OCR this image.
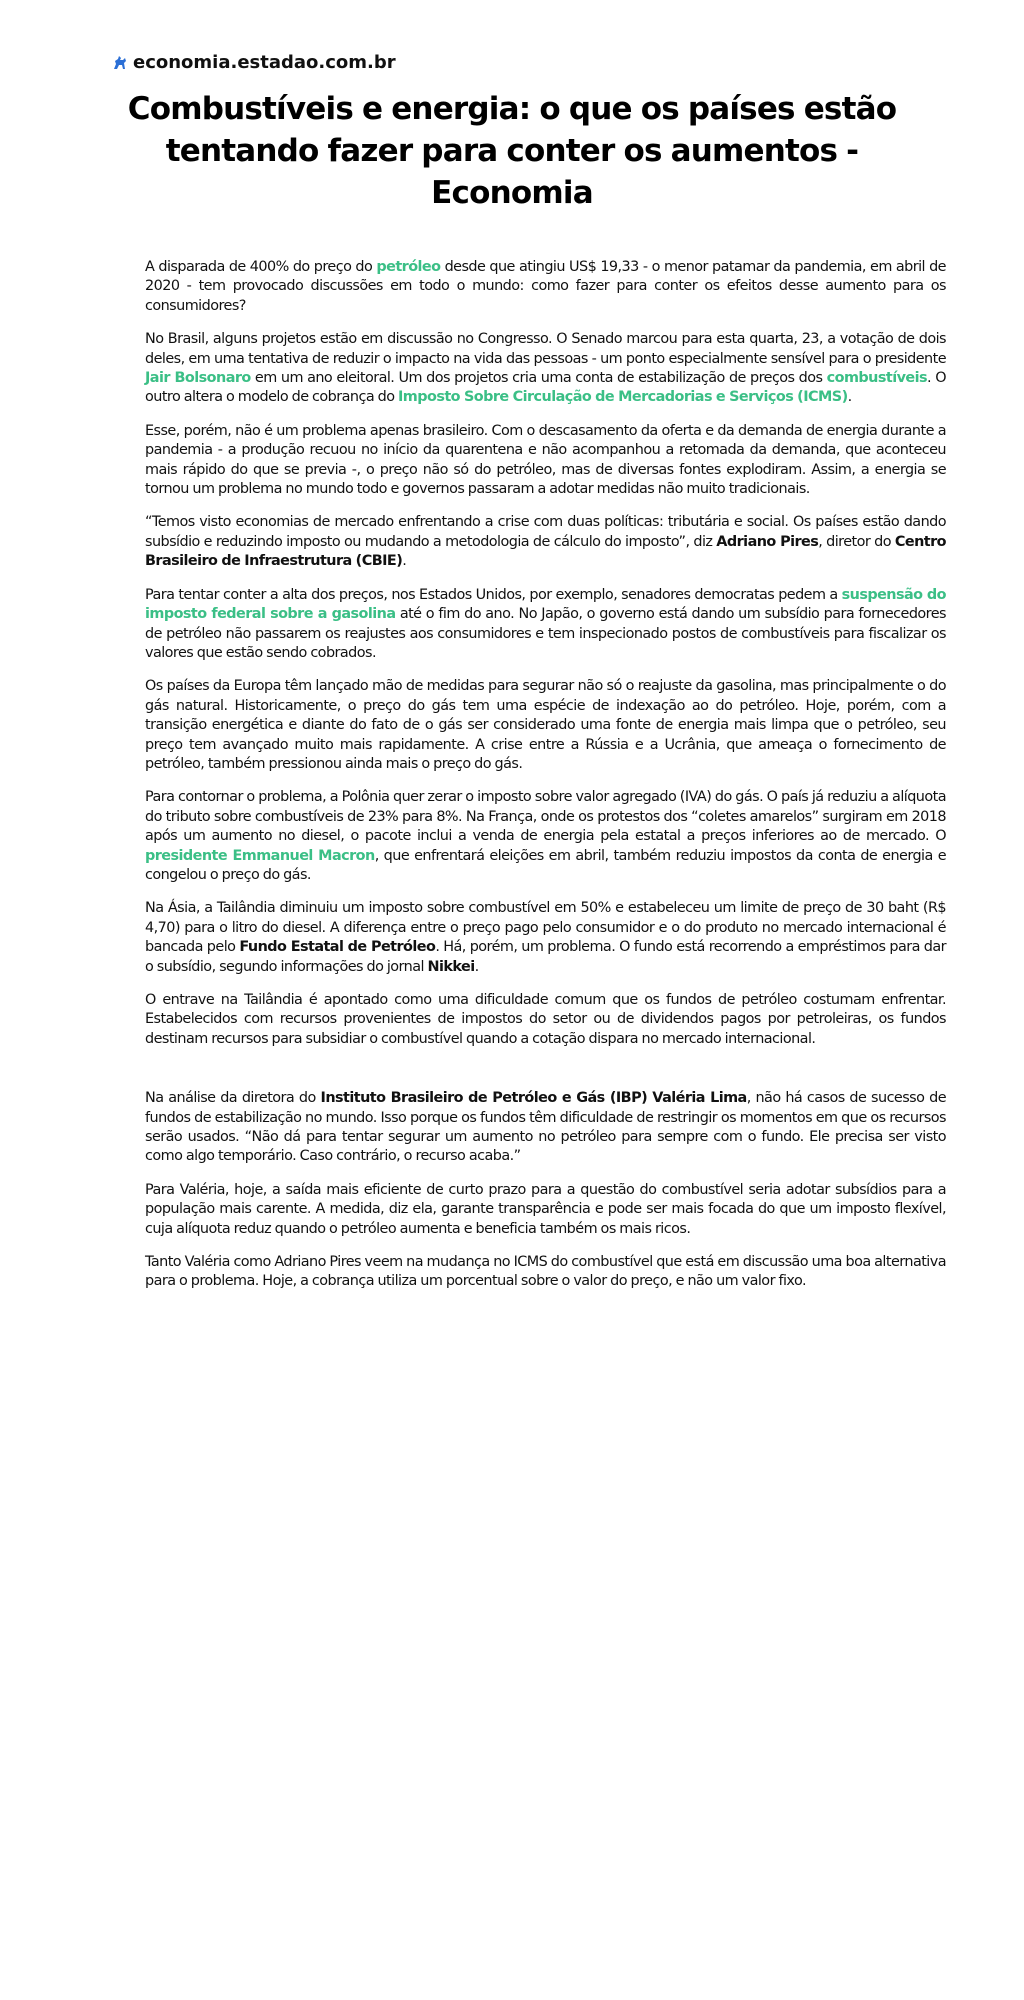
economia.estadao.com.br
Combustíveis e energia: o que os países estão tentando fazer para conter os aumentos - Economia

A disparada de 400% do preço do petróleo desde que atingiu US$ 19,33 - o menor patamar da pandemia, em abril de 2020 - tem provocado discussões em todo o mundo: como fazer para conter os efeitos desse aumento para os consumidores?

No Brasil, alguns projetos estão em discussão no Congresso. O Senado marcou para esta quarta, 23, a votação de dois deles, em uma tentativa de reduzir o impacto na vida das pessoas - um ponto especialmente sensível para o presidente Jair Bolsonaro em um ano eleitoral. Um dos projetos cria uma conta de estabilização de preços dos combustíveis. O outro altera o modelo de cobrança do Imposto Sobre Circulação de Mercadorias e Serviços (ICMS).

Esse, porém, não é um problema apenas brasileiro. Com o descasamento da oferta e da demanda de energia durante a pandemia - a produção recuou no início da quarentena e não acompanhou a retomada da demanda, que aconteceu mais rápido do que se previa -, o preço não só do petróleo, mas de diversas fontes explodiram. Assim, a energia se tornou um problema no mundo todo e governos passaram a adotar medidas não muito tradicionais.

“Temos visto economias de mercado enfrentando a crise com duas políticas: tributária e social. Os países estão dando subsídio e reduzindo imposto ou mudando a metodologia de cálculo do imposto”, diz Adriano Pires, diretor do Centro Brasileiro de Infraestrutura (CBIE).

Para tentar conter a alta dos preços, nos Estados Unidos, por exemplo, senadores democratas pedem a suspensão do imposto federal sobre a gasolina até o fim do ano. No Japão, o governo está dando um subsídio para fornecedores de petróleo não passarem os reajustes aos consumidores e tem inspecionado postos de combustíveis para fiscalizar os valores que estão sendo cobrados.

Os países da Europa têm lançado mão de medidas para segurar não só o reajuste da gasolina, mas principalmente o do gás natural. Historicamente, o preço do gás tem uma espécie de indexação ao do petróleo. Hoje, porém, com a transição energética e diante do fato de o gás ser considerado uma fonte de energia mais limpa que o petróleo, seu preço tem avançado muito mais rapidamente. A crise entre a Rússia e a Ucrânia, que ameaça o fornecimento de petróleo, também pressionou ainda mais o preço do gás.

Para contornar o problema, a Polônia quer zerar o imposto sobre valor agregado (IVA) do gás. O país já reduziu a alíquota do tributo sobre combustíveis de 23% para 8%. Na França, onde os protestos dos “coletes amarelos” surgiram em 2018 após um aumento no diesel, o pacote inclui a venda de energia pela estatal a preços inferiores ao de mercado. O presidente Emmanuel Macron, que enfrentará eleições em abril, também reduziu impostos da conta de energia e congelou o preço do gás.

Na Ásia, a Tailândia diminuiu um imposto sobre combustível em 50% e estabeleceu um limite de preço de 30 baht (R$ 4,70) para o litro do diesel. A diferença entre o preço pago pelo consumidor e o do produto no mercado internacional é bancada pelo Fundo Estatal de Petróleo. Há, porém, um problema. O fundo está recorrendo a empréstimos para dar o subsídio, segundo informações do jornal Nikkei.

O entrave na Tailândia é apontado como uma dificuldade comum que os fundos de petróleo costumam enfrentar. Estabelecidos com recursos provenientes de impostos do setor ou de dividendos pagos por petroleiras, os fundos destinam recursos para subsidiar o combustível quando a cotação dispara no mercado internacional.

Na análise da diretora do Instituto Brasileiro de Petróleo e Gás (IBP) Valéria Lima, não há casos de sucesso de fundos de estabilização no mundo. Isso porque os fundos têm dificuldade de restringir os momentos em que os recursos serão usados. “Não dá para tentar segurar um aumento no petróleo para sempre com o fundo. Ele precisa ser visto como algo temporário. Caso contrário, o recurso acaba.”

Para Valéria, hoje, a saída mais eficiente de curto prazo para a questão do combustível seria adotar subsídios para a população mais carente. A medida, diz ela, garante transparência e pode ser mais focada do que um imposto flexível, cuja alíquota reduz quando o petróleo aumenta e beneficia também os mais ricos.

Tanto Valéria como Adriano Pires veem na mudança no ICMS do combustível que está em discussão uma boa alternativa para o problema. Hoje, a cobrança utiliza um porcentual sobre o valor do preço, e não um valor fixo.
